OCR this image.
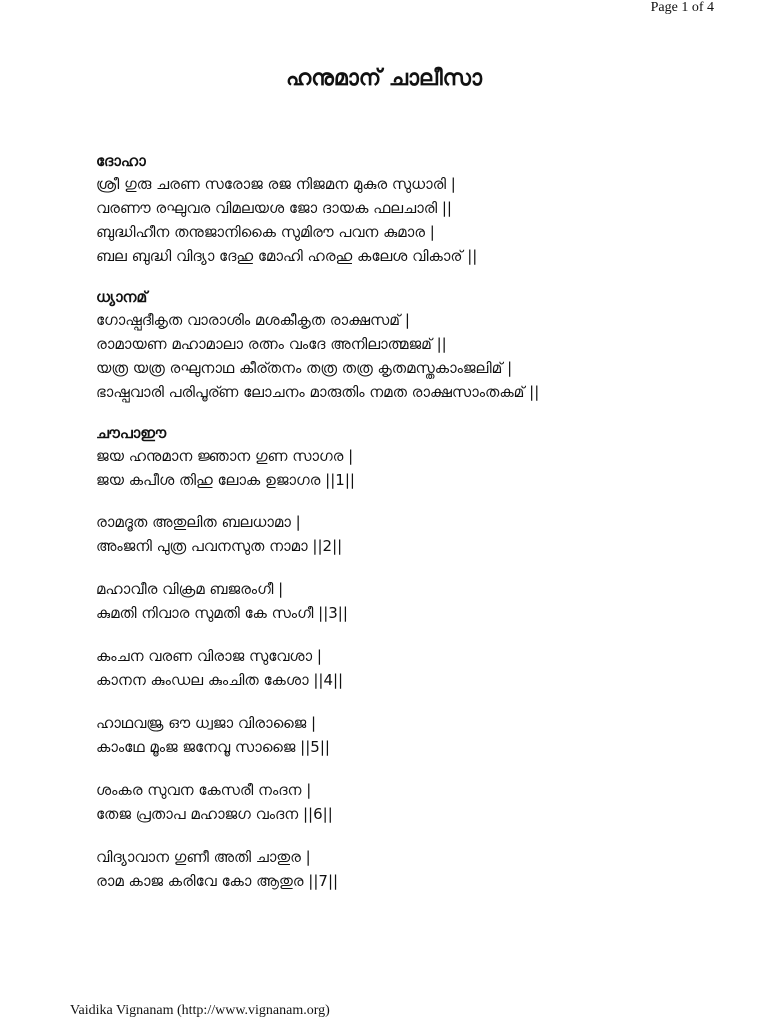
Page 1 of 4
ഹനുമാന് ചാലീസാ

ദോഹാ

ശ്രീ ഗുരു ചരണ സരോജ രജ നിജമന മുകുര സുധാരി |

വരണൗ രഘുവര വിമലയശ ജോ ദായക ഫലചാരി ||

ബുദ്ധിഹീന തനുജാനികൈ സുമിരൗ പവന കുമാര |

ബല ബുദ്ധി വിദ്യാ ദേഹു മോഹി ഹരഹു കലേശ വികാര് ||

ധ്യാനമ്

ഗോഷ്പദീകൃത വാരാശിം മശകീകൃത രാക്ഷസമ് |

രാമായണ മഹാമാലാ രത്നം വംദേ അനിലാത്മജമ് ||

യത്ര യത്ര രഘുനാഥ കീര്തനം തത്ര തത്ര കൃതമസ്തകാംജലിമ് |

ഭാഷ്പവാരി പരിപൂര്ണ ലോചനം മാരുതിം നമത രാക്ഷസാംതകമ് ||

ചൗപാഈ

ജയ ഹനുമാന ജ്ഞാന ഗുണ സാഗര |

ജയ കപീശ തിഹു ലോക ഉജാഗര ||1||

രാമദൂത അതുലിത ബലധാമാ |

അംജനി പുത്ര പവനസുത നാമാ ||2||

മഹാവീര വിക്രമ ബജരംഗീ |

കുമതി നിവാര സുമതി കേ സംഗീ ||3||

കംചന വരണ വിരാജ സുവേശാ |

കാനന കുംഡല കുംചിത കേശാ ||4||

ഹാഥവജ്ര ഔ ധ്വജാ വിരാജൈ |

കാംഥേ മൂംജ ജനേവൂ സാജൈ ||5||

ശംകര സുവന കേസരീ നംദന |

തേജ പ്രതാപ മഹാജഗ വംദന ||6||

വിദ്യാവാന ഗുണീ അതി ചാതുര |

രാമ കാജ കരിവേ കോ ആതുര ||7||

Vaidika Vignanam (http://www.vignanam.org)
